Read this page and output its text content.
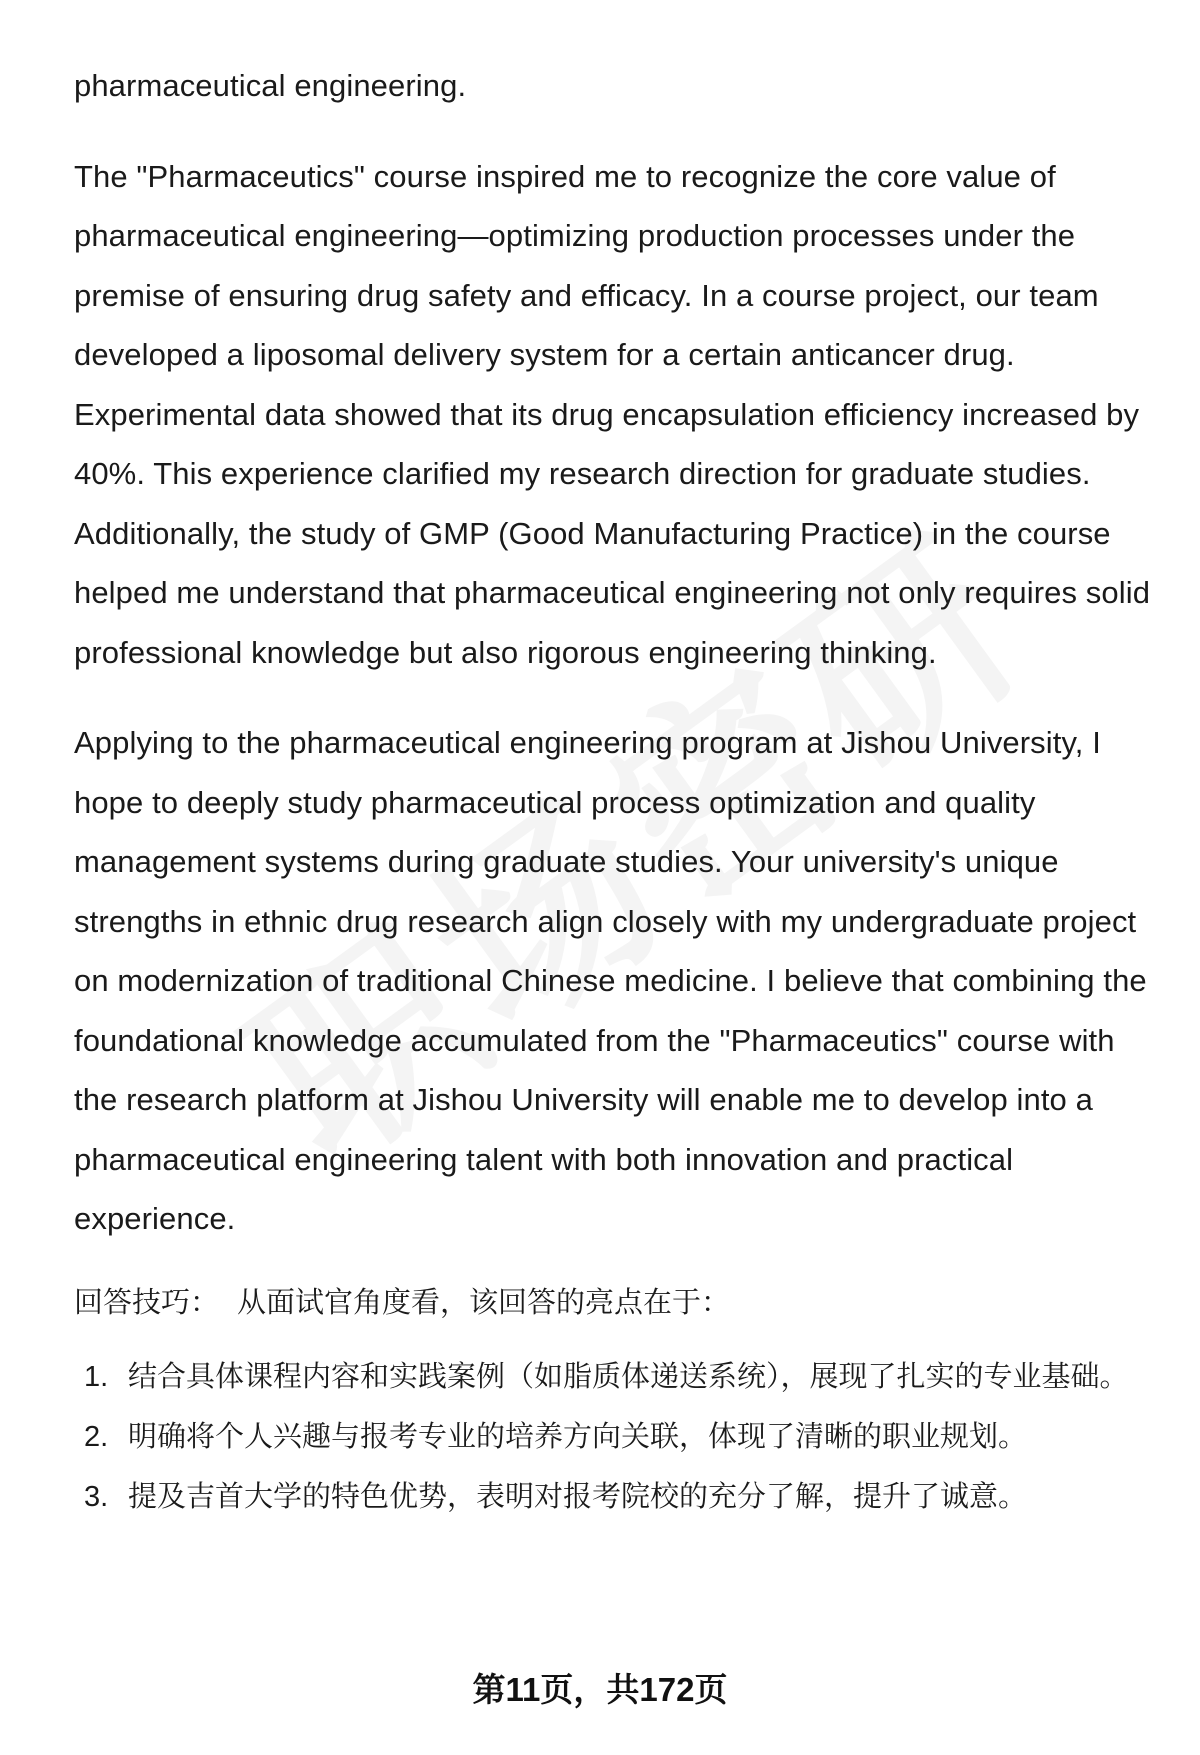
pharmaceutical engineering.

The "Pharmaceutics" course inspired me to recognize the core value of pharmaceutical engineering—optimizing production processes under the premise of ensuring drug safety and efficacy. In a course project, our team developed a liposomal delivery system for a certain anticancer drug. Experimental data showed that its drug encapsulation efficiency increased by 40%. This experience clarified my research direction for graduate studies. Additionally, the study of GMP (Good Manufacturing Practice) in the course helped me understand that pharmaceutical engineering not only requires solid professional knowledge but also rigorous engineering thinking.

Applying to the pharmaceutical engineering program at Jishou University, I hope to deeply study pharmaceutical process optimization and quality management systems during graduate studies. Your university's unique strengths in ethnic drug research align closely with my undergraduate project on modernization of traditional Chinese medicine. I believe that combining the foundational knowledge accumulated from the "Pharmaceutics" course with the research platform at Jishou University will enable me to develop into a pharmaceutical engineering talent with both innovation and practical experience.

回答技巧： 从面试官角度看，该回答的亮点在于：

1. 结合具体课程内容和实践案例（如脂质体递送系统），展现了扎实的专业基础。
2. 明确将个人兴趣与报考专业的培养方向关联，体现了清晰的职业规划。
3. 提及吉首大学的特色优势，表明对报考院校的充分了解，提升了诚意。
第11页，共172页
